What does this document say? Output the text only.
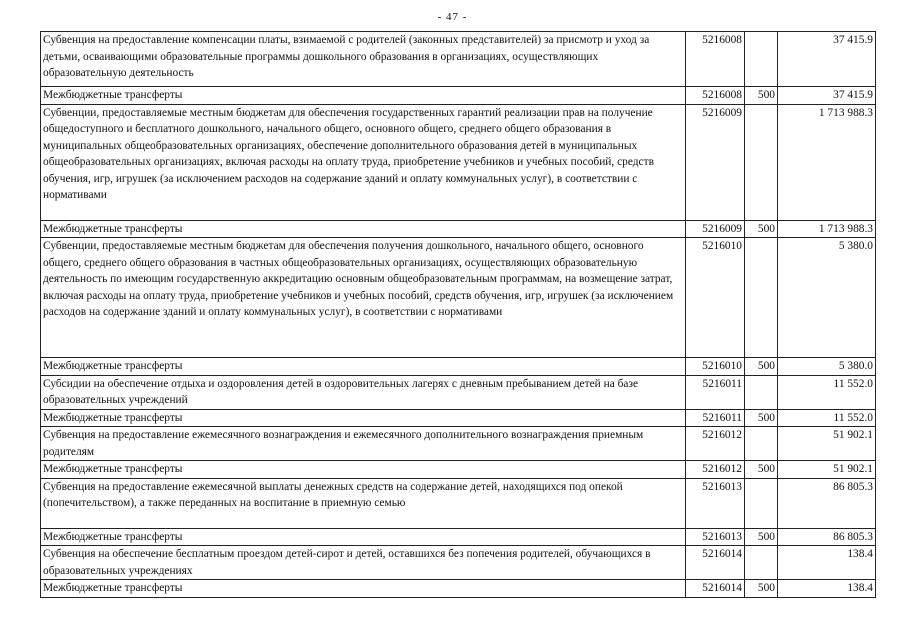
- 47 -
Субвенция на предоставление компенсации платы, взимаемой с родителей (законных представителей) за присмотр и уход за детьми, осваивающими образовательные программы дошкольного образования в организациях, осуществляющих образовательную деятельность	5216008		37 415.9
Межбюджетные трансферты	5216008	500	37 415.9
Субвенции, предоставляемые местным бюджетам для обеспечения государственных гарантий реализации прав на получение общедоступного и бесплатного дошкольного, начального общего, основного общего, среднего общего образования в муниципальных общеобразовательных организациях, обеспечение дополнительного образования детей в муниципальных общеобразовательных организациях, включая расходы на оплату труда, приобретение учебников и учебных пособий, средств обучения, игр, игрушек (за исключением расходов на содержание зданий и оплату коммунальных услуг), в соответствии с нормативами	5216009		1 713 988.3
Межбюджетные трансферты	5216009	500	1 713 988.3
Субвенции, предоставляемые местным бюджетам для обеспечения получения дошкольного, начального общего, основного общего, среднего общего образования в частных общеобразовательных организациях, осуществляющих образовательную деятельность по имеющим государственную аккредитацию основным общеобразовательным программам, на возмещение затрат, включая расходы на оплату труда, приобретение учебников и учебных пособий, средств обучения, игр, игрушек (за исключением расходов на содержание зданий и оплату коммунальных услуг), в соответствии с нормативами	5216010		5 380.0
Межбюджетные трансферты	5216010	500	5 380.0
Субсидии на обеспечение отдыха и оздоровления детей в оздоровительных лагерях с дневным пребыванием детей на базе образовательных учреждений	5216011		11 552.0
Межбюджетные трансферты	5216011	500	11 552.0
Субвенция на предоставление ежемесячного вознаграждения и ежемесячного дополнительного вознаграждения приемным родителям	5216012		51 902.1
Межбюджетные трансферты	5216012	500	51 902.1
Субвенция на предоставление ежемесячной выплаты денежных средств на содержание детей, находящихся под опекой (попечительством), а также переданных на воспитание в приемную семью	5216013		86 805.3
Межбюджетные трансферты	5216013	500	86 805.3
Субвенция на обеспечение бесплатным проездом детей-сирот и детей, оставшихся без попечения родителей, обучающихся в образовательных учреждениях	5216014		138.4
Межбюджетные трансферты	5216014	500	138.4
